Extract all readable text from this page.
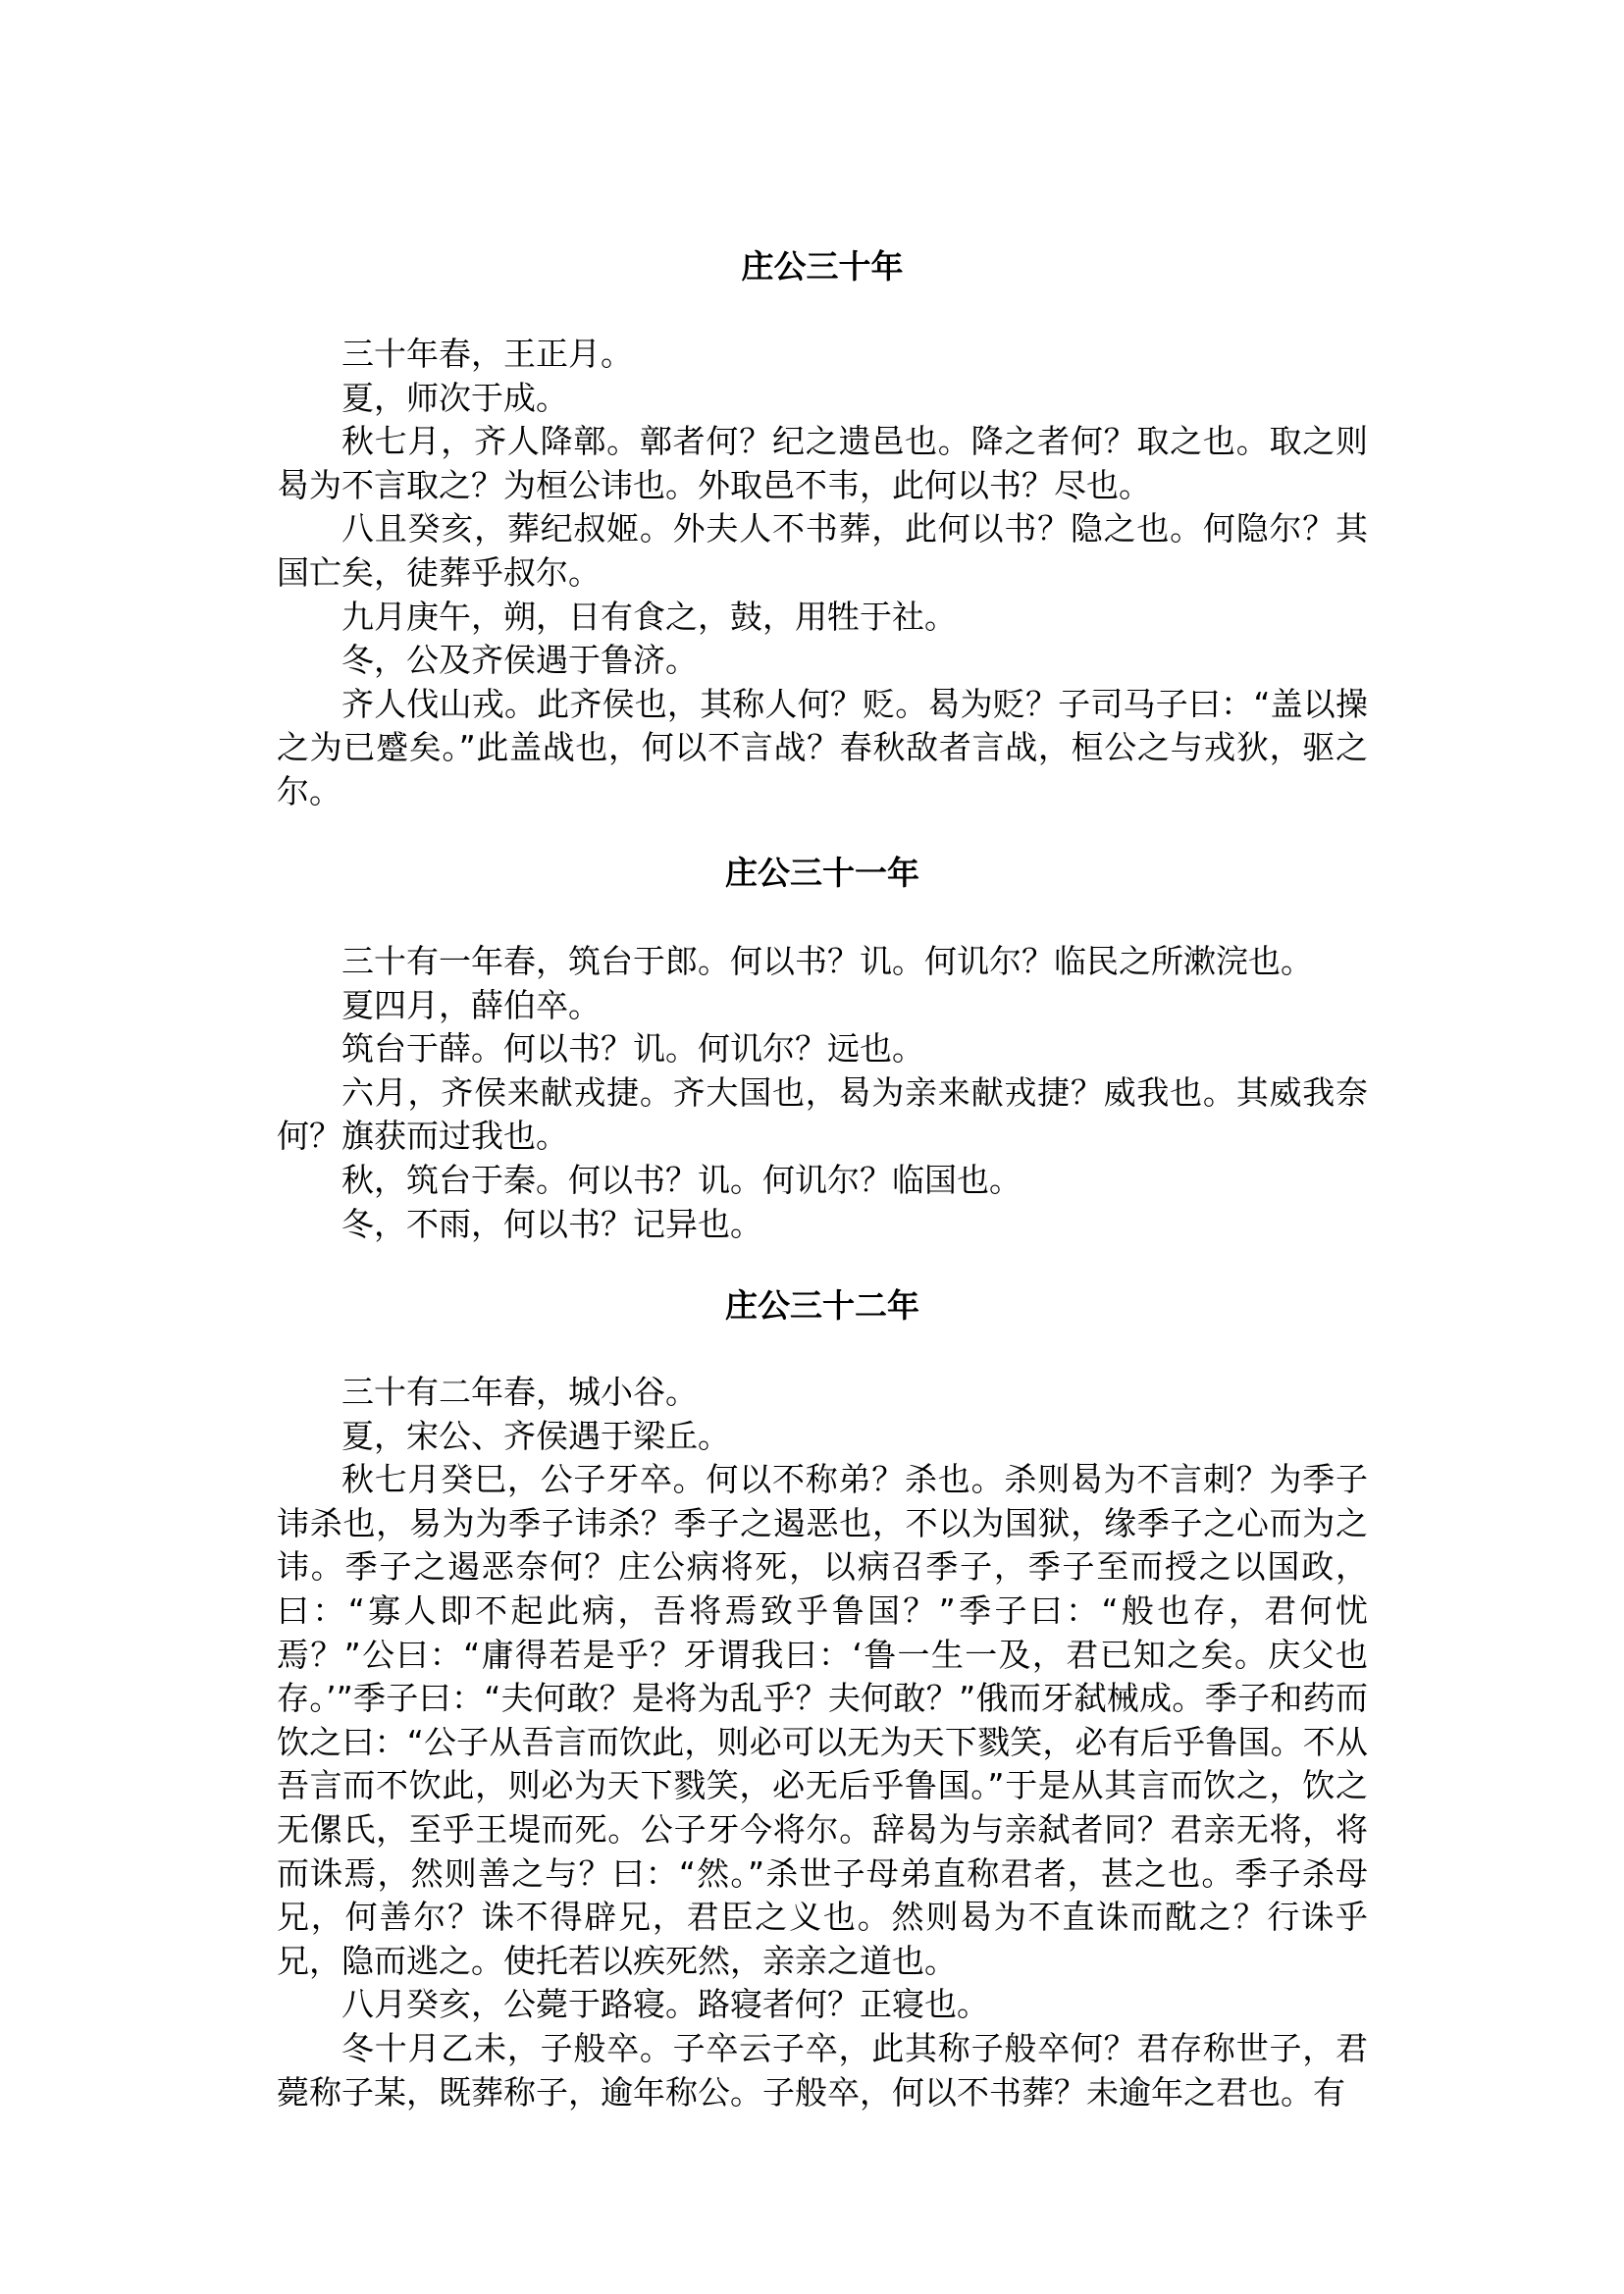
庄公三十年

三十年春，王正月。

夏，师次于成。

秋七月，齐人降鄣。鄣者何？纪之遗邑也。降之者何？取之也。取之则曷为不言取之？为桓公讳也。外取邑不韦，此何以书？尽也。

八且癸亥，葬纪叔姬。外夫人不书葬，此何以书？隐之也。何隐尔？其国亡矣，徒葬乎叔尔。

九月庚午，朔，日有食之，鼓，用牲于社。

冬，公及齐侯遇于鲁济。

齐人伐山戎。此齐侯也，其称人何？贬。曷为贬？子司马子曰：“盖以操之为已蹙矣。”此盖战也，何以不言战？春秋敌者言战，桓公之与戎狄，驱之尔。

庄公三十一年

三十有一年春，筑台于郎。何以书？讥。何讥尔？临民之所漱浣也。

夏四月，薛伯卒。

筑台于薛。何以书？讥。何讥尔？远也。

六月，齐侯来献戎捷。齐大国也，曷为亲来献戎捷？威我也。其威我奈何？旗获而过我也。

秋，筑台于秦。何以书？讥。何讥尔？临国也。

冬，不雨，何以书？记异也。

庄公三十二年

三十有二年春，城小谷。

夏，宋公、齐侯遇于梁丘。

秋七月癸巳，公子牙卒。何以不称弟？杀也。杀则曷为不言刺？为季子讳杀也，易为为季子讳杀？季子之遏恶也，不以为国狱，缘季子之心而为之讳。季子之遏恶奈何？庄公病将死，以病召季子，季子至而授之以国政，曰：“寡人即不起此病，吾将焉致乎鲁国？”季子曰：“般也存，君何忧焉？”公曰：“庸得若是乎？牙谓我曰：‘鲁一生一及，君已知之矣。庆父也存。’”季子曰：“夫何敢？是将为乱乎？夫何敢？”俄而牙弑械成。季子和药而饮之曰：“公子从吾言而饮此，则必可以无为天下戮笑，必有后乎鲁国。不从吾言而不饮此，则必为天下戮笑，必无后乎鲁国。”于是从其言而饮之，饮之无傫氏，至乎王堤而死。公子牙今将尔。辞曷为与亲弑者同？君亲无将，将而诛焉，然则善之与？曰：“然。”杀世子母弟直称君者，甚之也。季子杀母兄，何善尔？诛不得辟兄，君臣之义也。然则曷为不直诛而酖之？行诛乎兄，隐而逃之。使托若以疾死然，亲亲之道也。

八月癸亥，公薨于路寝。路寝者何？正寝也。

冬十月乙未，子般卒。子卒云子卒，此其称子般卒何？君存称世子，君薨称子某，既葬称子，逾年称公。子般卒，何以不书葬？未逾年之君也。有
